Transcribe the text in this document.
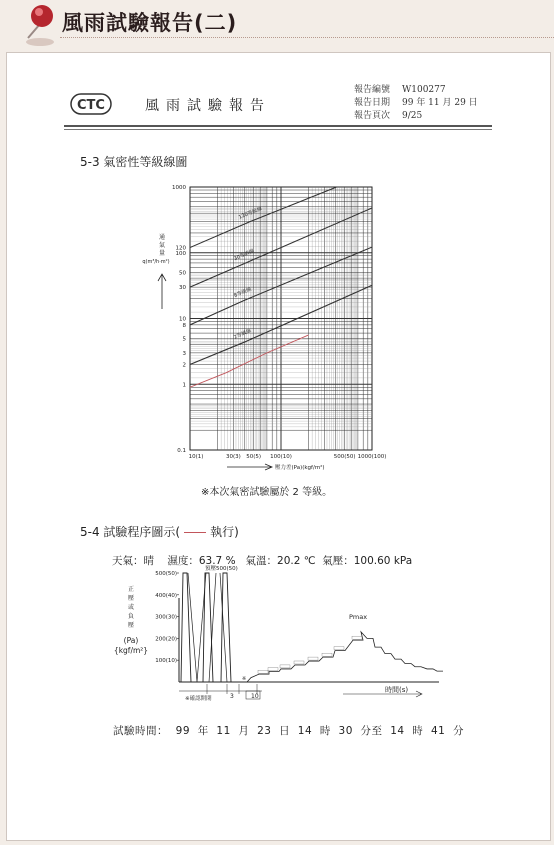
風雨試驗報告(二)
CTC	風雨試驗報告
報告編號	W100277
報告日期	99 年 11 月 29 日
報告頁次	9/25
5-3 氣密性等級線圖
120等級線
30等級線
8等級線
2等級線
1000
120
100
50
30
10
8
5
3
2
1
0.1
10(1)	30(3) 50(5) 100(10)	500(50) 1000(100)
通
氣
量
q(m³/h·m²)
壓力差(Pa)(kgf/m²)
※本次氣密試驗屬於 2 等級。
5-4 試驗程序圖示(	執行)
天氣：晴    濕度：63.7 %   氣溫：20.2 ℃  氣壓：100.60 kPa
500(50)
400(40)
300(30)
200(20)
100(10)
正
壓
或
負
壓
(Pa)
{kgf/m²}
預壓500(50)
Pmax
※確認開閉	3	10
※
時間(s)
試驗時間：  99  年  11  月  23  日  14  時  30  分至  14  時  41  分
